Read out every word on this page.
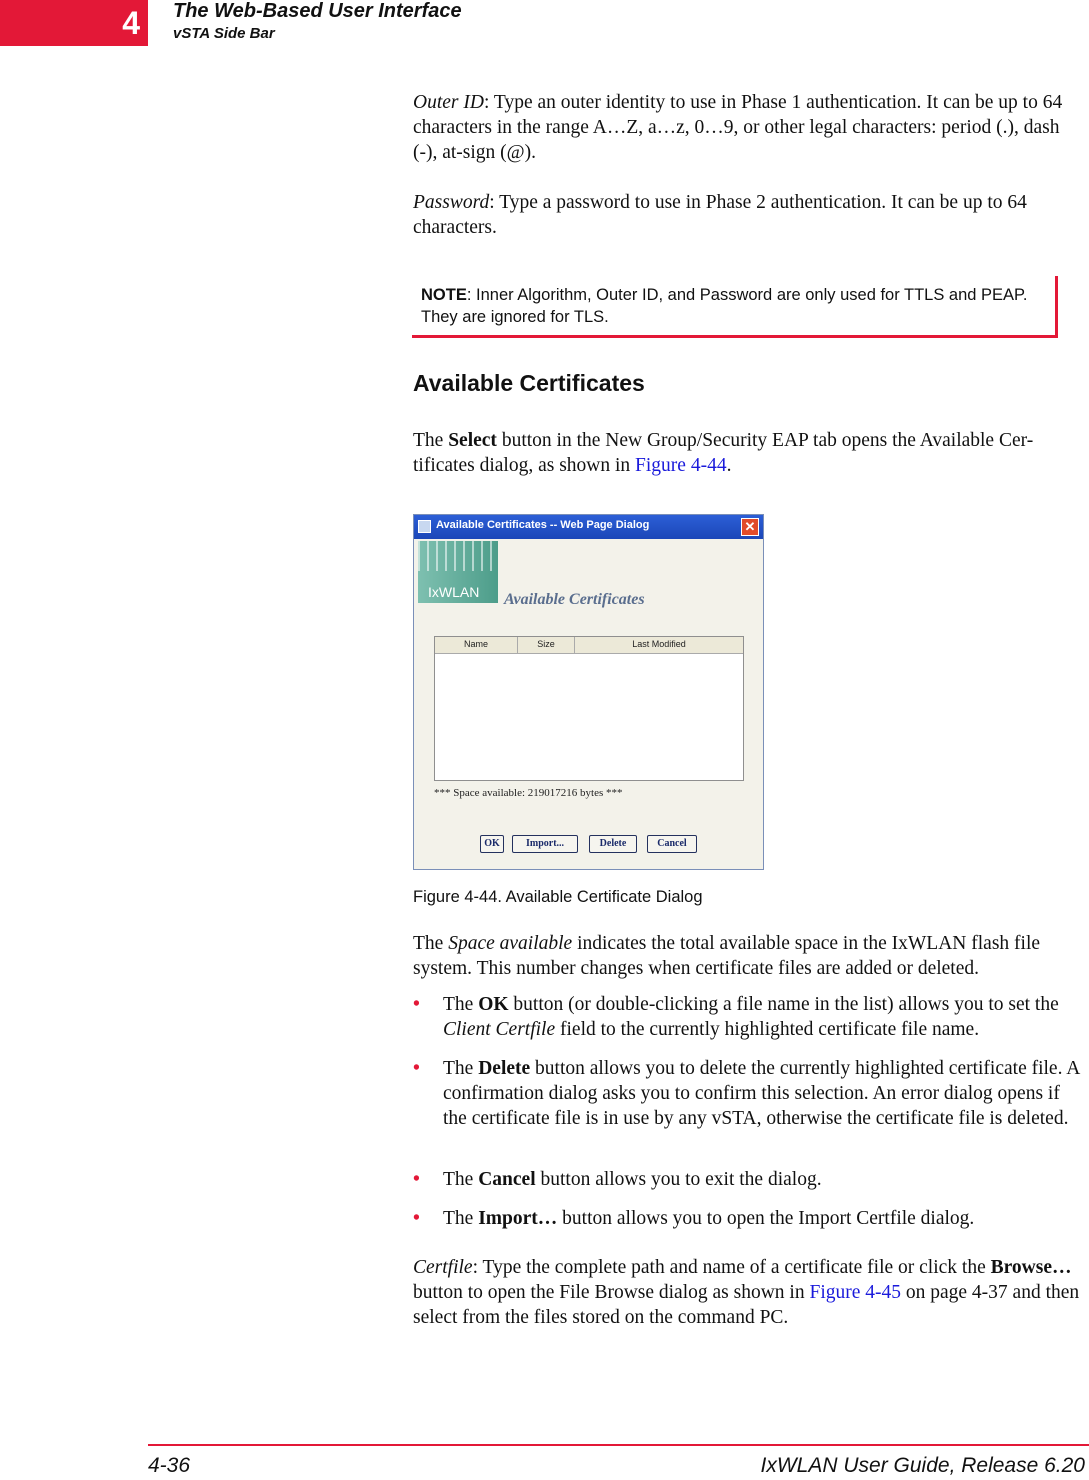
4	The Web-Based User Interface
vSTA Side Bar
Outer ID: Type an outer identity to use in Phase 1 authentication. It can be up to 64 characters in the range A…Z, a…z, 0…9, or other legal characters: period (.), dash (-), at-sign (@).
Password: Type a password to use in Phase 2 authentication. It can be up to 64 characters.
NOTE: Inner Algorithm, Outer ID, and Password are only used for TTLS and PEAP. They are ignored for TLS.
Available Certificates
The Select button in the New Group/Security EAP tab opens the Available Cer-tificates dialog, as shown in Figure 4-44.
Available Certificates -- Web Page Dialog	✕
IxWLAN Available Certificates
Name	Size	Last Modified
*** Space available: 219017216 bytes ***
OK	Import...	Delete	Cancel
Figure 4-44. Available Certificate Dialog
The Space available indicates the total available space in the IxWLAN flash file system. This number changes when certificate files are added or deleted.
• The OK button (or double-clicking a file name in the list) allows you to set the Client Certfile field to the currently highlighted certificate file name.
• The Delete button allows you to delete the currently highlighted certificate file. A confirmation dialog asks you to confirm this selection. An error dialog opens if the certificate file is in use by any vSTA, otherwise the certificate file is deleted.
• The Cancel button allows you to exit the dialog.
• The Import… button allows you to open the Import Certfile dialog.
Certfile: Type the complete path and name of a certificate file or click the Browse… button to open the File Browse dialog as shown in Figure 4-45 on page 4-37 and then select from the files stored on the command PC.
4-36	IxWLAN User Guide, Release 6.20
